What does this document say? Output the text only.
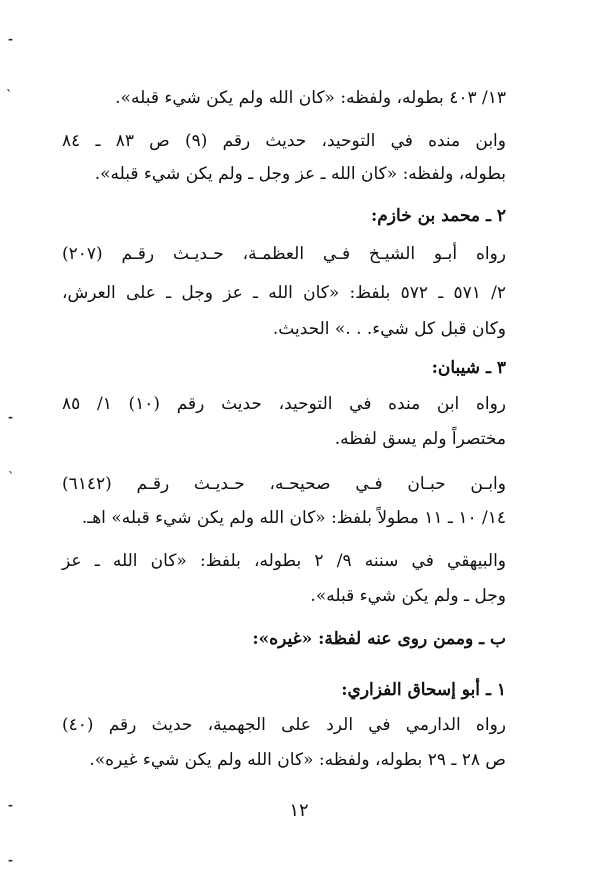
-
ˋ
-
ˋ
-
-
١٣/ ٤٠٣ بطوله، ولفظه: «كان الله ولم يكن شيء قبله».
وابن منده في التوحيد، حديث رقم (٩) ص ٨٣ ـ ٨٤
بطوله، ولفظه: «كان الله ـ عز وجل ـ ولم يكن شيء قبله».
٢ ـ محمد بن خازم:
رواه أبـو الشيـخ فـي العظمـة، حـديـث رقـم (٢٠٧)
٢/ ٥٧١ ـ ٥٧٢ بلفظ: «كان الله ـ عز وجل ـ على العرش،
وكان قبل كل شيء. . .» الحديث.
٣ ـ شيبان:
رواه ابن منده في التوحيد، حديث رقم (١٠) ١/ ٨٥
مختصراً ولم يسق لفظه.
وابـن حبـان فـي صحيحـه، حـديـث رقـم (٦١٤٢)
١٤/ ١٠ ـ ١١ مطولاً بلفظ: «كان الله ولم يكن شيء قبله» اهـ.
والبيهقي في سننه ٩/ ٢ بطوله، بلفظ: «كان الله ـ عز
وجل ـ ولم يكن شيء قبله».
ب ـ وممن روى عنه لفظة: «غيره»:
١ ـ أبو إسحاق الفزاري:
رواه الدارمي في الرد على الجهمية، حديث رقم (٤٠)
ص ٢٨ ـ ٢٩ بطوله، ولفظه: «كان الله ولم يكن شيء غيره».
١٢
